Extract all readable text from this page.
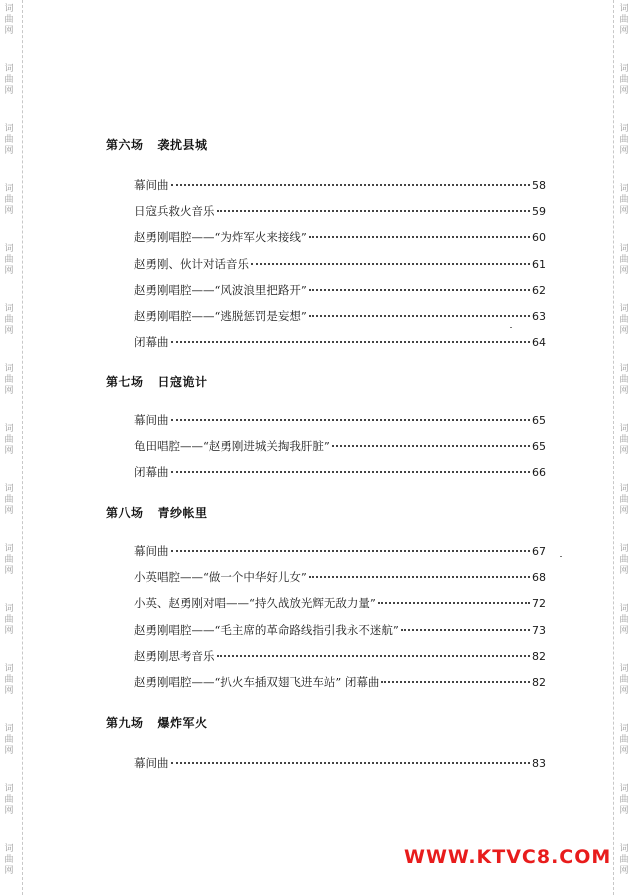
词曲网
词曲网
词曲网
词曲网
词曲网
词曲网
词曲网
词曲网
词曲网
词曲网
词曲网
词曲网
词曲网
词曲网
词曲网
词曲网
词曲网
词曲网
词曲网
词曲网
词曲网
词曲网
词曲网
词曲网
词曲网
词曲网
词曲网
词曲网
词曲网
词曲网
第六场 袭扰县城
幕间曲	58
日寇兵救火音乐	59
赵勇刚唱腔——“为炸军火来接线”	60
赵勇刚、伙计对话音乐	61
赵勇刚唱腔——“风波浪里把路开”	62
赵勇刚唱腔——“逃脱惩罚是妄想”	63
闭幕曲	64
第七场 日寇诡计
幕间曲	65
龟田唱腔——“赵勇刚进城关掏我肝脏”	65
闭幕曲	66
第八场 青纱帐里
幕间曲	67
小英唱腔——“做一个中华好儿女”	68
小英、赵勇刚对唱——“持久战放光辉无敌力量”	72
赵勇刚唱腔——“毛主席的革命路线指引我永不迷航”	73
赵勇刚思考音乐	82
赵勇刚唱腔——“扒火车插双翅飞进车站” 闭幕曲	82
第九场 爆炸军火
幕间曲	83
WWW.KTVC8.COM
